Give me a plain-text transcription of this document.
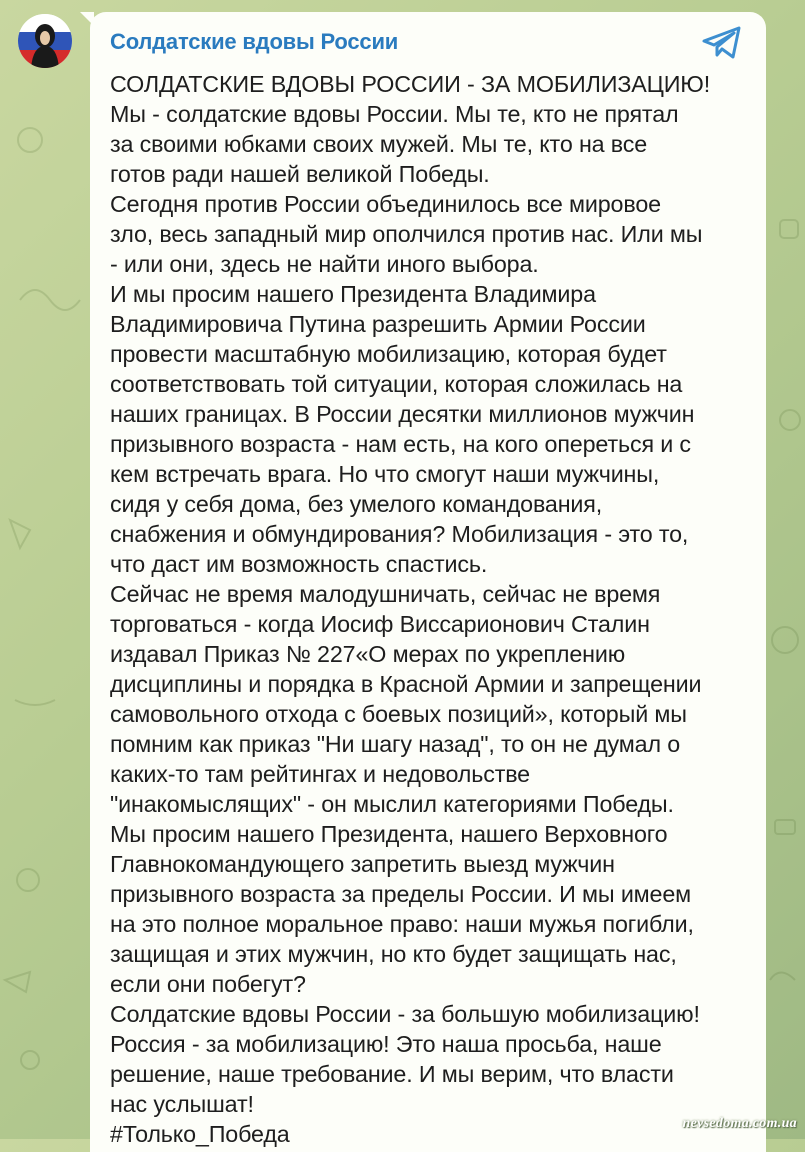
Солдатские вдовы России
СОЛДАТСКИЕ ВДОВЫ РОССИИ - ЗА МОБИЛИЗАЦИЮ!
Мы - солдатские вдовы России. Мы те, кто не прятал
за своими юбками своих мужей. Мы те, кто на все
готов ради нашей великой Победы.
Сегодня против России объединилось все мировое
зло, весь западный мир ополчился против нас. Или мы
- или они, здесь не найти иного выбора.
И мы просим нашего Президента Владимира
Владимировича Путина разрешить Армии России
провести масштабную мобилизацию, которая будет
соответствовать той ситуации, которая сложилась на
наших границах. В России десятки миллионов мужчин
призывного возраста - нам есть, на кого опереться и с
кем встречать врага. Но что смогут наши мужчины,
сидя у себя дома, без умелого командования,
снабжения и обмундирования? Мобилизация - это то,
что даст им возможность спастись.
Сейчас не время малодушничать, сейчас не время
торговаться - когда Иосиф Виссарионович Сталин
издавал Приказ № 227«О мерах по укреплению
дисциплины и порядка в Красной Армии и запрещении
самовольного отхода с боевых позиций», который мы
помним как приказ "Ни шагу назад", то он не думал о
каких-то там рейтингах и недовольстве
"инакомыслящих" - он мыслил категориями Победы.
Мы просим нашего Президента, нашего Верховного
Главнокомандующего запретить выезд мужчин
призывного возраста за пределы России. И мы имеем
на это полное моральное право: наши мужья погибли,
защищая и этих мужчин, но кто будет защищать нас,
если они побегут?
Солдатские вдовы России - за большую мобилизацию!
Россия - за мобилизацию! Это наша просьба, наше
решение, наше требование. И мы верим, что власти
нас услышат!
#Только_Победа	nevsedoma.com.ua
